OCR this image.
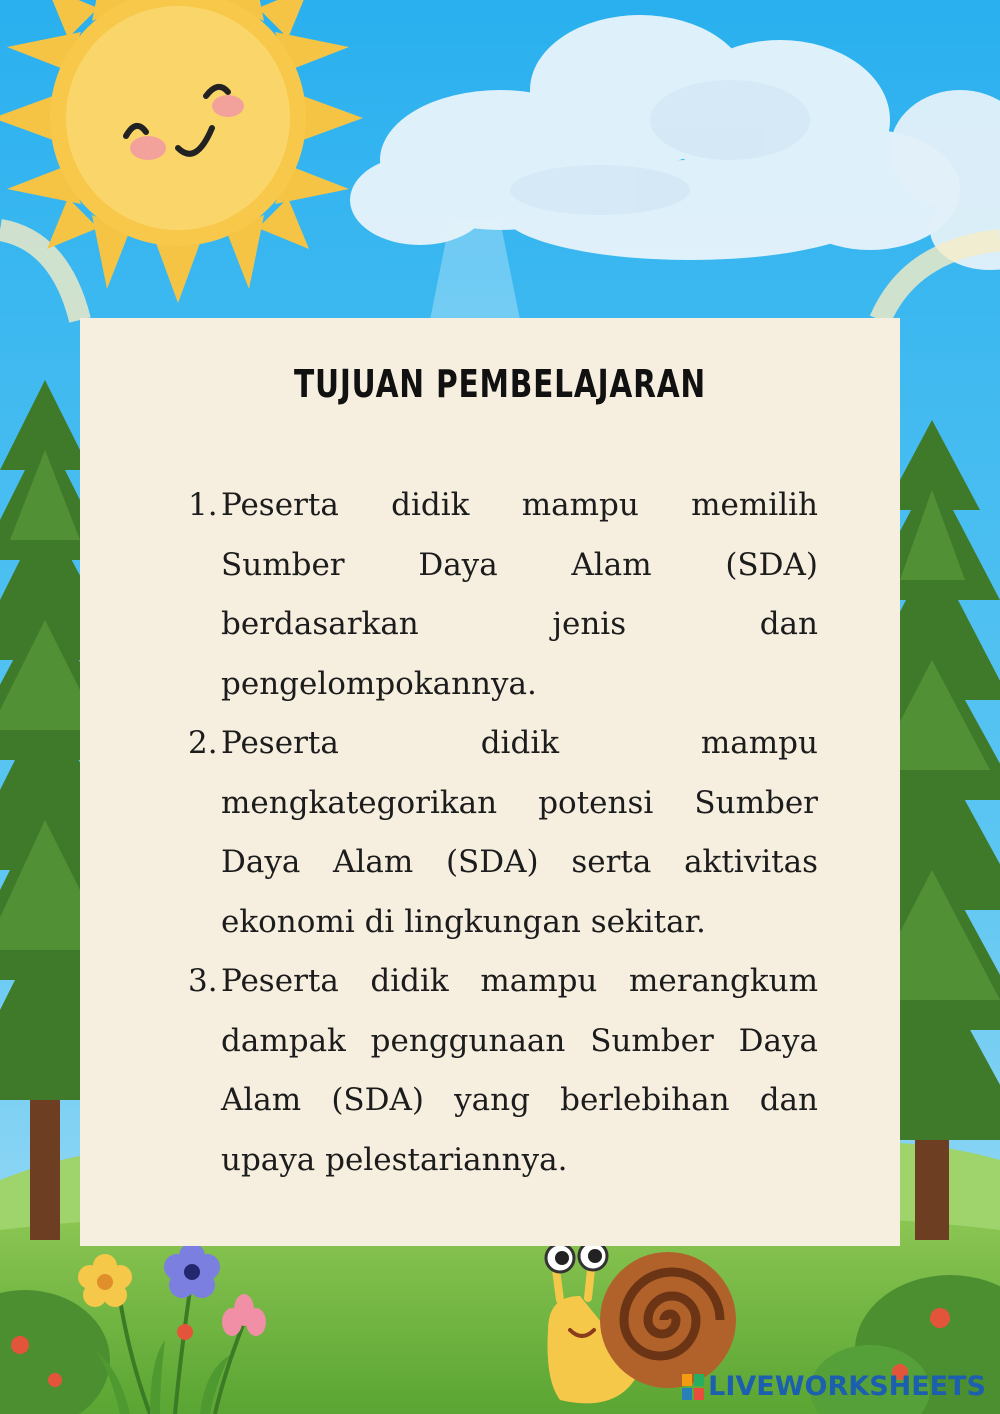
TUJUAN PEMBELAJARAN
1. Peserta didik mampu memilih Sumber Daya Alam (SDA) berdasarkan jenis dan pengelompokannya.
2. Peserta didik mampu mengkategorikan potensi Sumber Daya Alam (SDA) serta aktivitas ekonomi di lingkungan sekitar.
3. Peserta didik mampu merangkum dampak penggunaan Sumber Daya Alam (SDA) yang berlebihan dan upaya pelestariannya.
LIVEWORKSHEETS
